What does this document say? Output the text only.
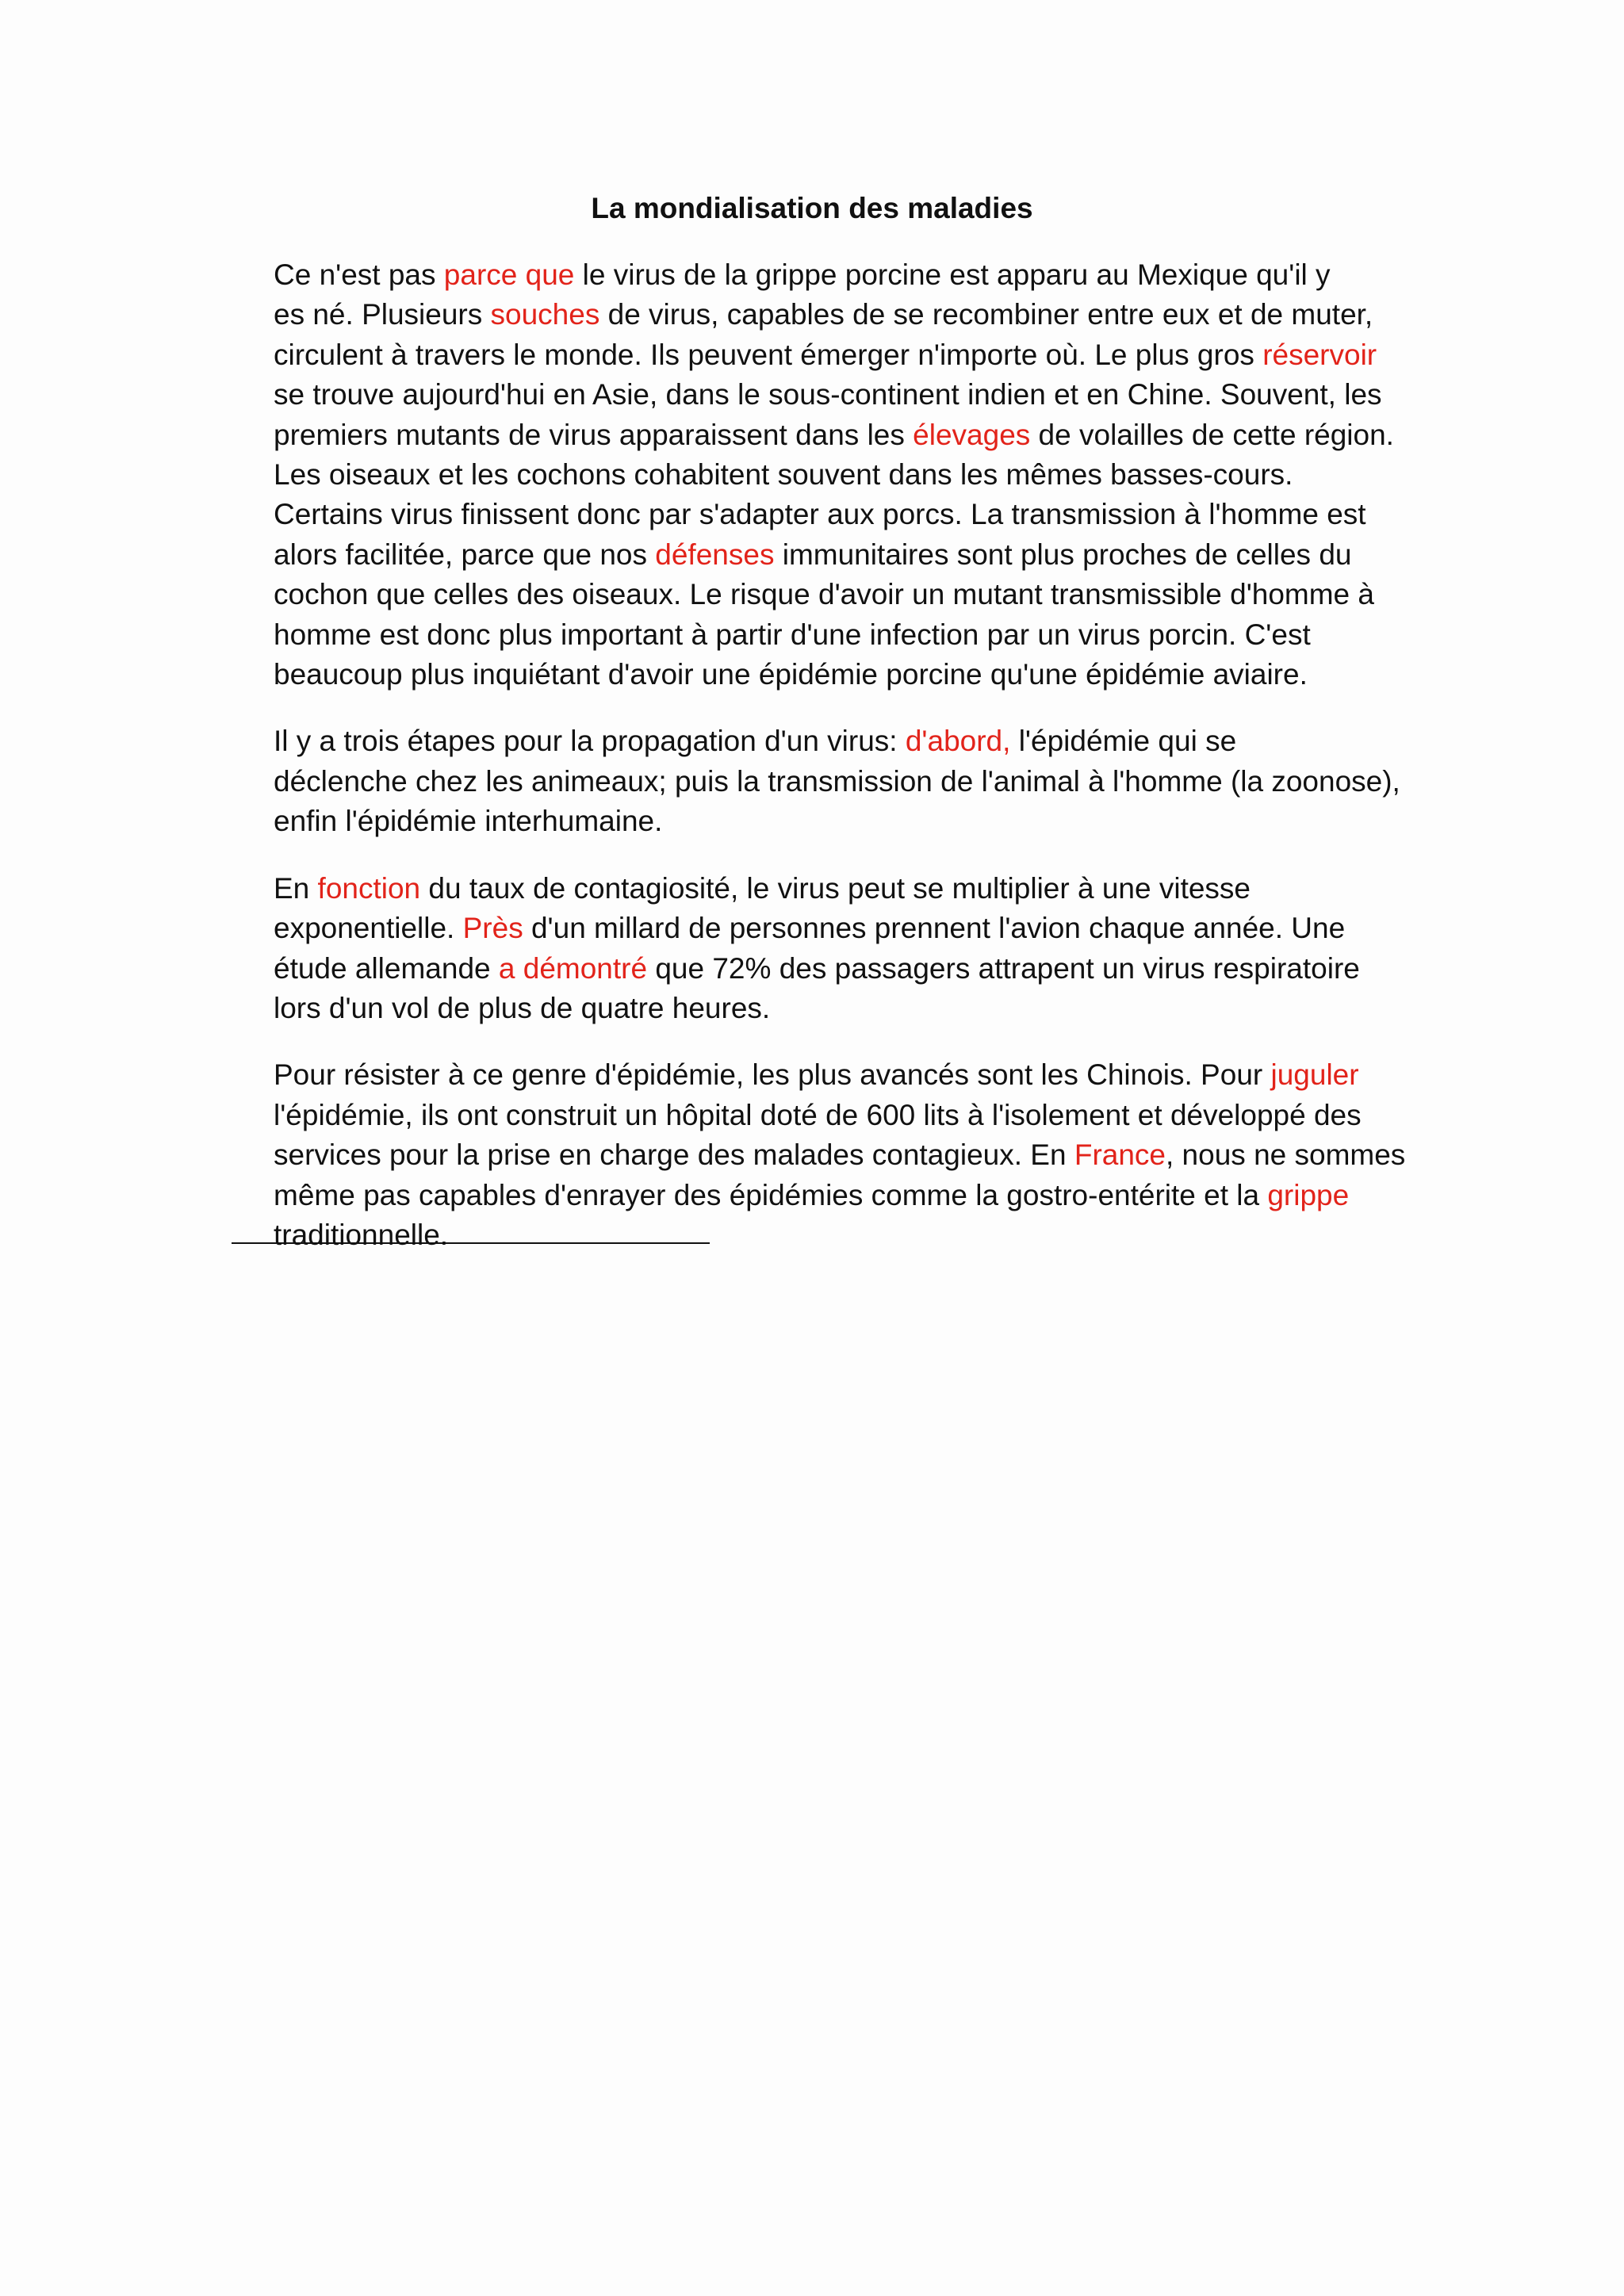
La mondialisation des maladies

Ce n'est pas parce que le virus de la grippe porcine est apparu au Mexique qu'il y
es né. Plusieurs souches de virus, capables de se recombiner entre eux et de muter,
circulent à travers le monde. Ils peuvent émerger n'importe où. Le plus gros réservoir
se trouve aujourd'hui en Asie, dans le sous-continent indien et en Chine. Souvent, les
premiers mutants de virus apparaissent dans les élevages de volailles de cette région.
Les oiseaux et les cochons cohabitent souvent dans les mêmes basses-cours.
Certains virus finissent donc par s'adapter aux porcs. La transmission à l'homme est
alors facilitée, parce que nos défenses immunitaires sont plus proches de celles du
cochon que celles des oiseaux. Le risque d'avoir un mutant transmissible d'homme à
homme est donc plus important à partir d'une infection par un virus porcin. C'est
beaucoup plus inquiétant d'avoir une épidémie porcine qu'une épidémie aviaire.

Il y a trois étapes pour la propagation d'un virus: d'abord, l'épidémie qui se
déclenche chez les animeaux; puis la transmission de l'animal à l'homme (la zoonose),
enfin l'épidémie interhumaine.

En fonction du taux de contagiosité, le virus peut se multiplier à une vitesse
exponentielle. Près d'un millard de personnes prennent l'avion chaque année. Une
étude allemande a démontré que 72% des passagers attrapent un virus respiratoire
lors d'un vol de plus de quatre heures.

Pour résister à ce genre d'épidémie, les plus avancés sont les Chinois. Pour juguler
l'épidémie, ils ont construit un hôpital doté de 600 lits à l'isolement et développé des
services pour la prise en charge des malades contagieux. En France, nous ne sommes
même pas capables d'enrayer des épidémies comme la gostro-entérite et la grippe
traditionnelle.
